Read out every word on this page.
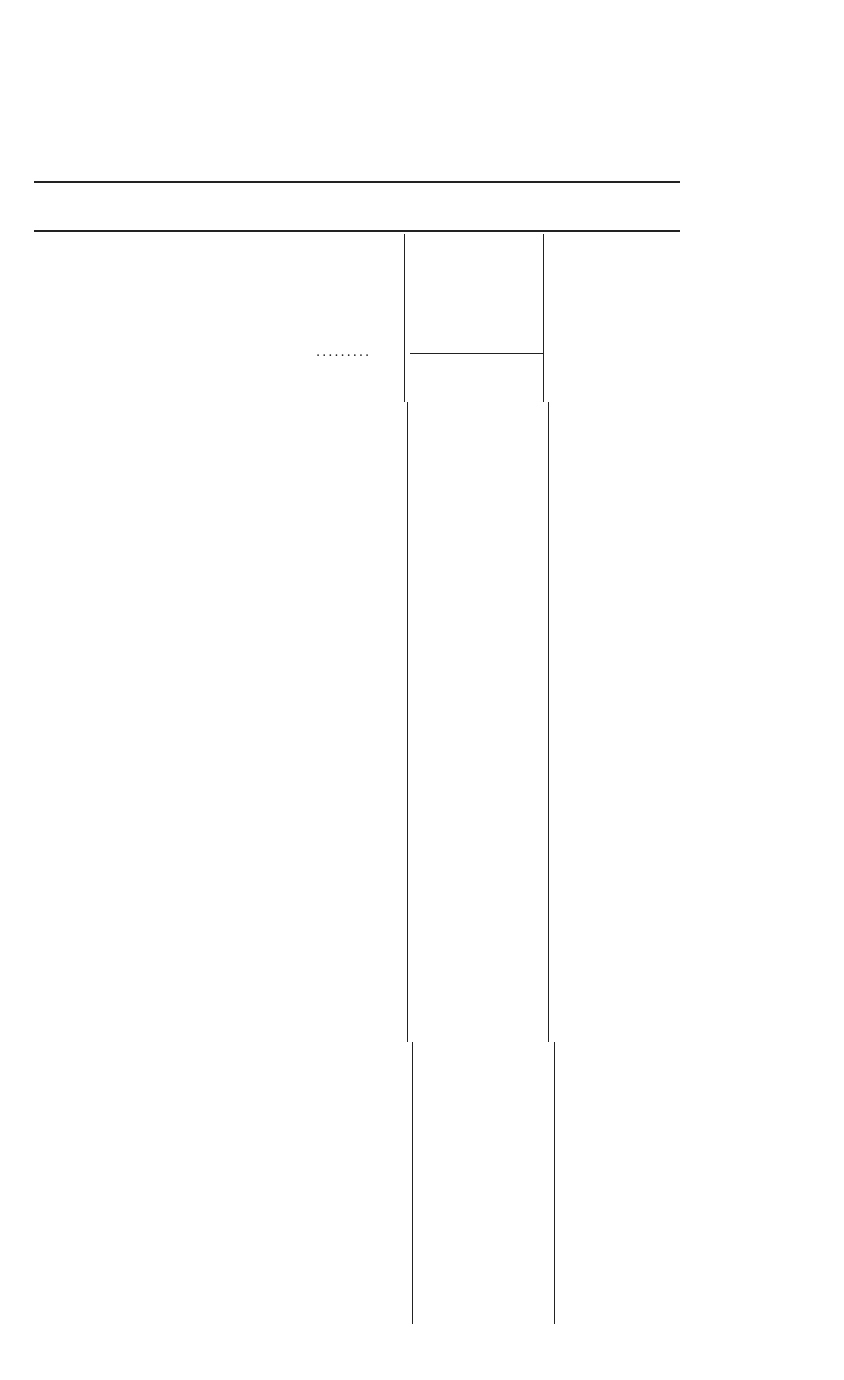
.........
